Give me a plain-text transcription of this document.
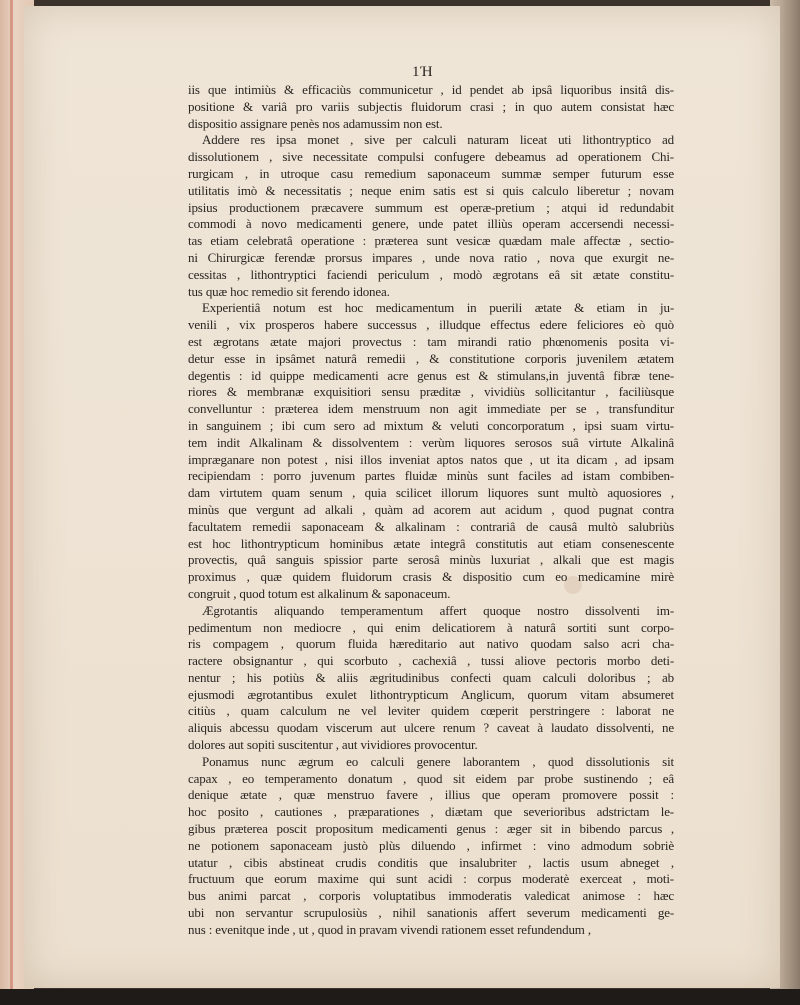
1Ή

iis que intimiùs & efficaciùs communicetur , id pendet ab ipsâ liquoribus insitâ dis-
positione & variâ pro variis subjectis fluidorum crasi ; in quo autem consistat hæc
dispositio assignare penès nos adamussim non est.

Addere res ipsa monet , sive per calculi naturam liceat uti lithontryptico ad
dissolutionem , sive necessitate compulsi confugere debeamus ad operationem Chi-
rurgicam , in utroque casu remedium saponaceum summæ semper futurum esse
utilitatis imò & necessitatis ; neque enim satis est si quis calculo liberetur ; novam
ipsius productionem præcavere summum est operæ-pretium ; atqui id redundabit
commodi à novo medicamenti genere, unde patet illiùs operam accersendi necessi-
tas etiam celebratâ operatione : præterea sunt vesicæ quædam male affectæ , sectio-
ni Chirurgicæ ferendæ prorsus impares , unde nova ratio , nova que exurgit ne-
cessitas , lithontryptici faciendi periculum , modò ægrotans eâ sit ætate constitu-
tus quæ hoc remedio sit ferendo idonea.

Experientiâ notum est hoc medicamentum in puerili ætate & etiam in ju-
venili , vix prosperos habere successus , illudque effectus edere feliciores eò quò
est ægrotans ætate majori provectus : tam mirandi ratio phœnomenis posita vi-
detur esse in ipsâmet naturâ remedii , & constitutione corporis juvenilem ætatem
degentis : id quippe medicamenti acre genus est & stimulans,in juventâ fibræ tene-
riores & membranæ exquisitiori sensu præditæ , vividiùs sollicitantur , faciliùsque
convelluntur : præterea idem menstruum non agit immediate per se , transfunditur
in sanguinem ; ibi cum sero ad mixtum & veluti concorporatum , ipsi suam virtu-
tem indit Alkalinam & dissolventem : verùm liquores serosos suâ virtute Alkalinâ
impræganare non potest , nisi illos inveniat aptos natos que , ut ita dicam , ad ipsam
recipiendam : porro juvenum partes fluidæ minùs sunt faciles ad istam combiben-
dam virtutem quam senum , quia scilicet illorum liquores sunt multò aquosiores ,
minùs que vergunt ad alkali , quàm ad acorem aut acidum , quod pugnat contra
facultatem remedii saponaceam & alkalinam : contrariâ de causâ multò salubriùs
est hoc lithontrypticum hominibus ætate integrâ constitutis aut etiam consenescente
provectis, quâ sanguis spissior parte serosâ minùs luxuriat , alkali que est magis
proximus , quæ quidem fluidorum crasis & dispositio cum eo medicamine mirè
congruit , quod totum est alkalinum & saponaceum.

Ægrotantis aliquando temperamentum affert quoque nostro dissolventi im-
pedimentum non mediocre , qui enim delicatiorem à naturâ sortiti sunt corpo-
ris compagem , quorum fluida hæreditario aut nativo quodam salso acri cha-
ractere obsignantur , qui scorbuto , cachexiâ , tussi aliove pectoris morbo deti-
nentur ; his potiùs & aliis ægritudinibus confecti quam calculi doloribus ; ab
ejusmodi ægrotantibus exulet lithontrypticum Anglicum, quorum vitam absumeret
citiùs , quam calculum ne vel leviter quidem cœperit perstringere : laborat ne
aliquis abcessu quodam viscerum aut ulcere renum ? caveat à laudato dissolventi, ne
dolores aut sopiti suscitentur , aut vividiores provocentur.

Ponamus nunc ægrum eo calculi genere laborantem , quod dissolutionis sit
capax , eo temperamento donatum , quod sit eidem par probe sustinendo ; eâ
denique ætate , quæ menstruo favere , illius que operam promovere possit :
hoc posito , cautiones , præparationes , diætam que severioribus adstrictam le-
gibus præterea poscit propositum medicamenti genus : æger sit in bibendo parcus ,
ne potionem saponaceam justò plùs diluendo , infirmet : vino admodum sobriè
utatur , cibis abstineat crudis conditis que insalubriter , lactis usum abneget ,
fructuum que eorum maxime qui sunt acidi : corpus moderatè exerceat , moti-
bus animi parcat , corporis voluptatibus immoderatis valedicat animose : hæc
ubi non servantur scrupulosiùs , nihil sanationis affert severum medicamenti ge-
nus : evenitque inde , ut , quod in pravam vivendi rationem esset refundendum ,
